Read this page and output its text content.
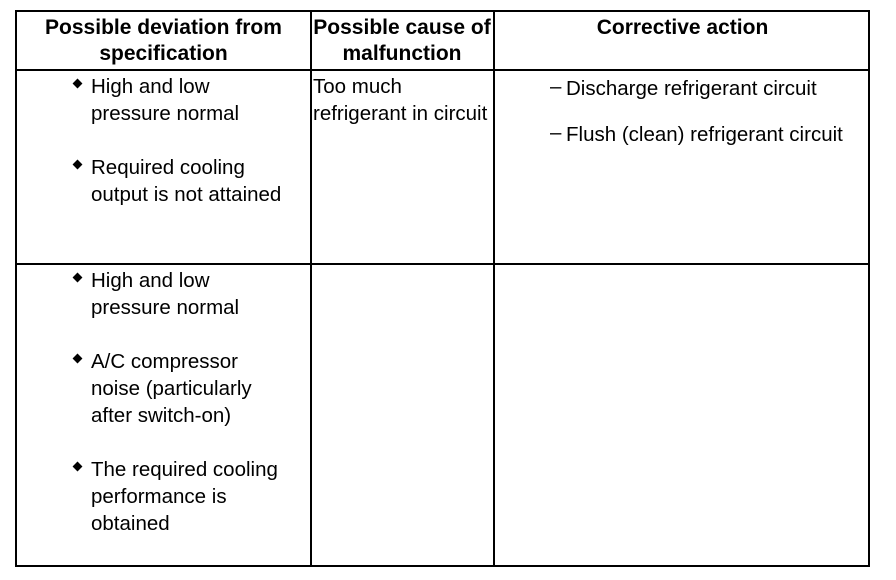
Possible deviation from specification
Possible cause of malfunction
Corrective action
High and low pressure normal
Required cooling output is not attained
Too much refrigerant in circuit
– Discharge refrigerant circuit
– Flush (clean) refrigerant circuit
High and low pressure normal
A/C compressor noise (particularly after switch-on)
The required cooling performance is obtained
